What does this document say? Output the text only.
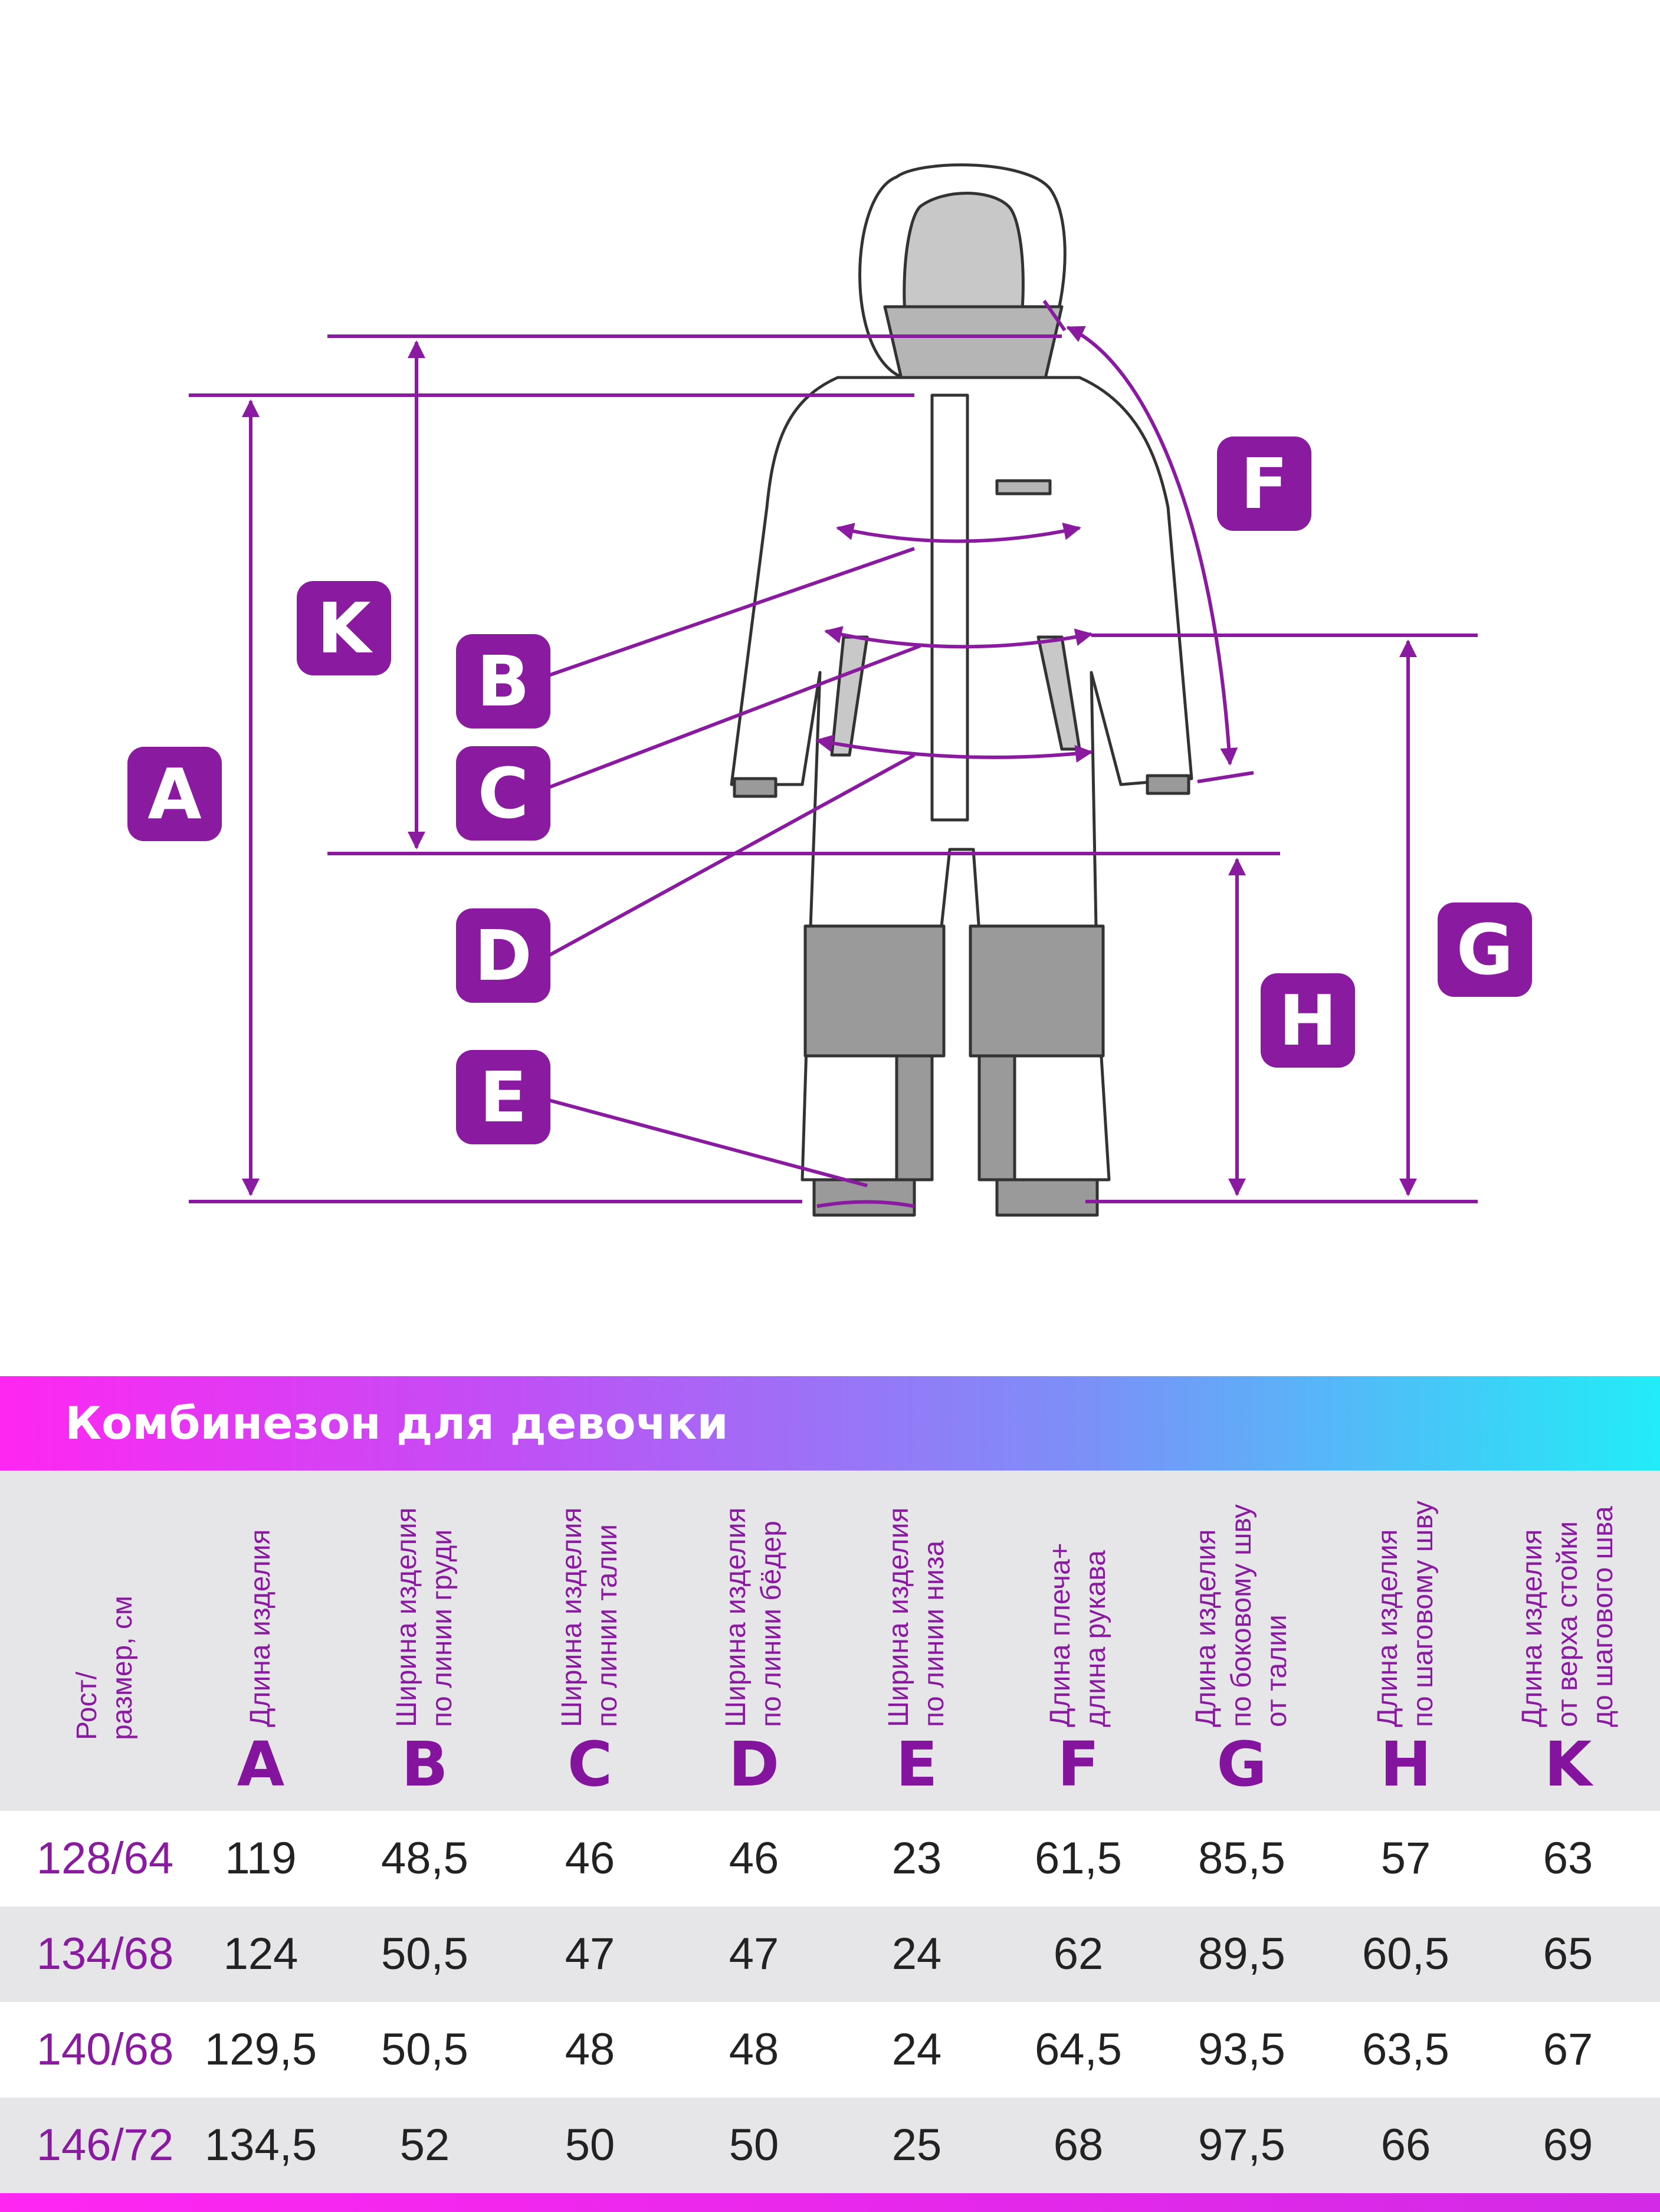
A
K
B
C
D
E
F
G
H
Комбинезон для девочки
Рост/ размер, см	Длина изделия
A
Ширина изделия по линии груди
B
Ширина изделия по линии талии
C
Ширина изделия по линии бёдер
D
Ширина изделия по линии низа
E
Длина плеча+ длина рукава
F
Длина изделия по боковому шву от талии
G
Длина изделия по шаговому шву
H
Длина изделия от верха стойки до шагового шва
K
128/64	119	48,5	46	46	23	61,5	85,5	57	63
134/68	124	50,5	47	47	24	62	89,5	60,5	65
140/68 129,5	50,5	48	48	24	64,5	93,5	63,5	67
146/72 134,5	52	50	50	25	68	97,5	66	69
